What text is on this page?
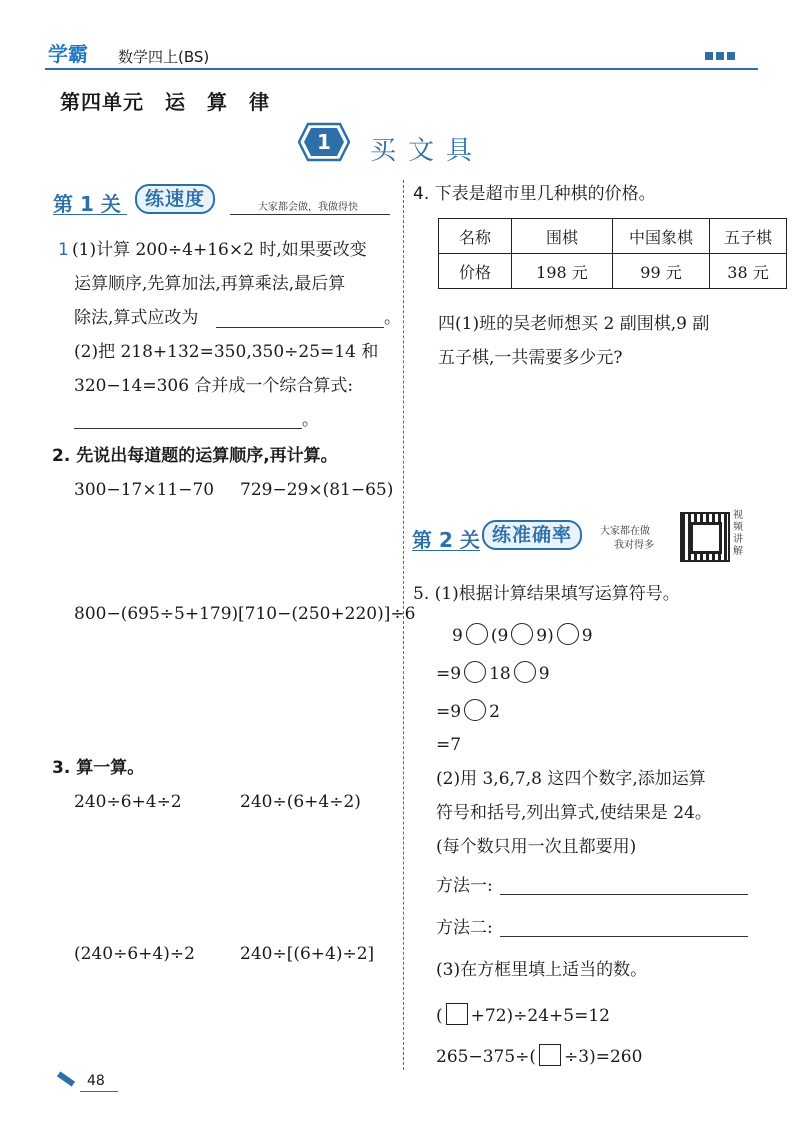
学霸 数学四上(BS)
第四单元　运　算　律
1 买文具
第 1 关	练速度	大家都会做，我做得快
1 (1)计算 200÷4+16×2 时,如果要改变
运算顺序,先算加法,再算乘法,最后算
除法,算式应改为	。
(2)把 218+132=350,350÷25=14 和
320−14=306 合并成一个综合算式:
。
2. 先说出每道题的运算顺序,再计算。
300−17×11−70 729−29×(81−65)
800−(695÷5+179) [710−(250+220)]÷6
3. 算一算。
240÷6+4÷2	240÷(6+4÷2)
(240÷6+4)÷2	240÷[(6+4)÷2]
4. 下表是超市里几种棋的价格。
名称	围棋	中国象棋	五子棋
价格	198 元	99 元	38 元
四(1)班的吴老师想买 2 副围棋,9 副
五子棋,一共需要多少元?
第 2 关 练准确率	大家都在做
我对得多
视频讲解
5. (1)根据计算结果填写运算符号。
9 (9 9) 9
=9 18 9
=9 2
=7
(2)用 3,6,7,8 这四个数字,添加运算
符号和括号,列出算式,使结果是 24。
(每个数只用一次且都要用)
方法一:
方法二:
(3)在方框里填上适当的数。
( +72)÷24+5=12
265−375÷( ÷3)=260
48
